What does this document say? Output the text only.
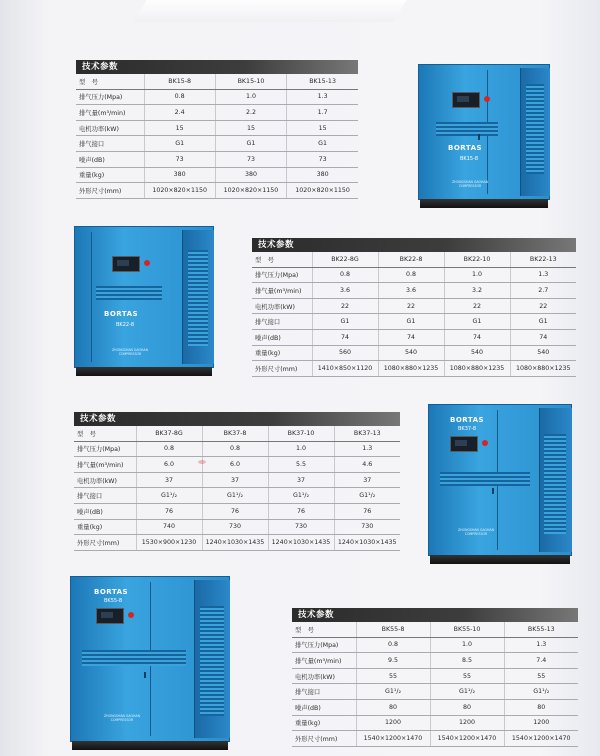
技术参数
型　号	BK15-8	BK15-10	BK15-13
排气压力(Mpa)	0.8	1.0	1.3
排气量(m³/min)	2.4	2.2	1.7
电机功率(kW)	15	15	15
排气接口	G1	G1	G1
噪声(dB)	73	73	73
重量(kg)	380	380	380
外形尺寸(mm)	1020×820×1150	1020×820×1150	1020×820×1150
BORTAS
BK15-8
ZHONGSHAN GAOHAN COMPRESSOR
BORTAS
BK22-8
ZHONGSHAN GAOHAN COMPRESSOR
技术参数
型　号	BK22-8G	BK22-8	BK22-10	BK22-13
排气压力(Mpa)	0.8	0.8	1.0	1.3
排气量(m³/min)	3.6	3.6	3.2	2.7
电机功率(kW)	22	22	22	22
排气接口	G1	G1	G1	G1
噪声(dB)	74	74	74	74
重量(kg)	560	540	540	540
外形尺寸(mm)	1410×850×1120	1080×880×1235	1080×880×1235	1080×880×1235
技术参数
型　号	BK37-8G	BK37-8	BK37-10	BK37-13
排气压力(Mpa)	0.8	0.8	1.0	1.3
排气量(m³/min)	6.0	6.0	5.5	4.6
电机功率(kW)	37	37	37	37
排气接口	G1¹/₂	G1¹/₂	G1¹/₂	G1¹/₂
噪声(dB)	76	76	76	76
重量(kg)	740	730	730	730
外形尺寸(mm)	1530×900×1230	1240×1030×1435	1240×1030×1435	1240×1030×1435
BORTAS
BK37-8
ZHONGSHAN GAOHAN COMPRESSOR
BORTAS
BK55-8
ZHONGSHAN GAOHAN COMPRESSOR
技术参数
型　号	BK55-8	BK55-10	BK55-13
排气压力(Mpa)	0.8	1.0	1.3
排气量(m³/min)	9.5	8.5	7.4
电机功率(kW)	55	55	55
排气接口	G1¹/₂	G1¹/₂	G1¹/₂
噪声(dB)	80	80	80
重量(kg)	1200	1200	1200
外形尺寸(mm)	1540×1200×1470	1540×1200×1470	1540×1200×1470
